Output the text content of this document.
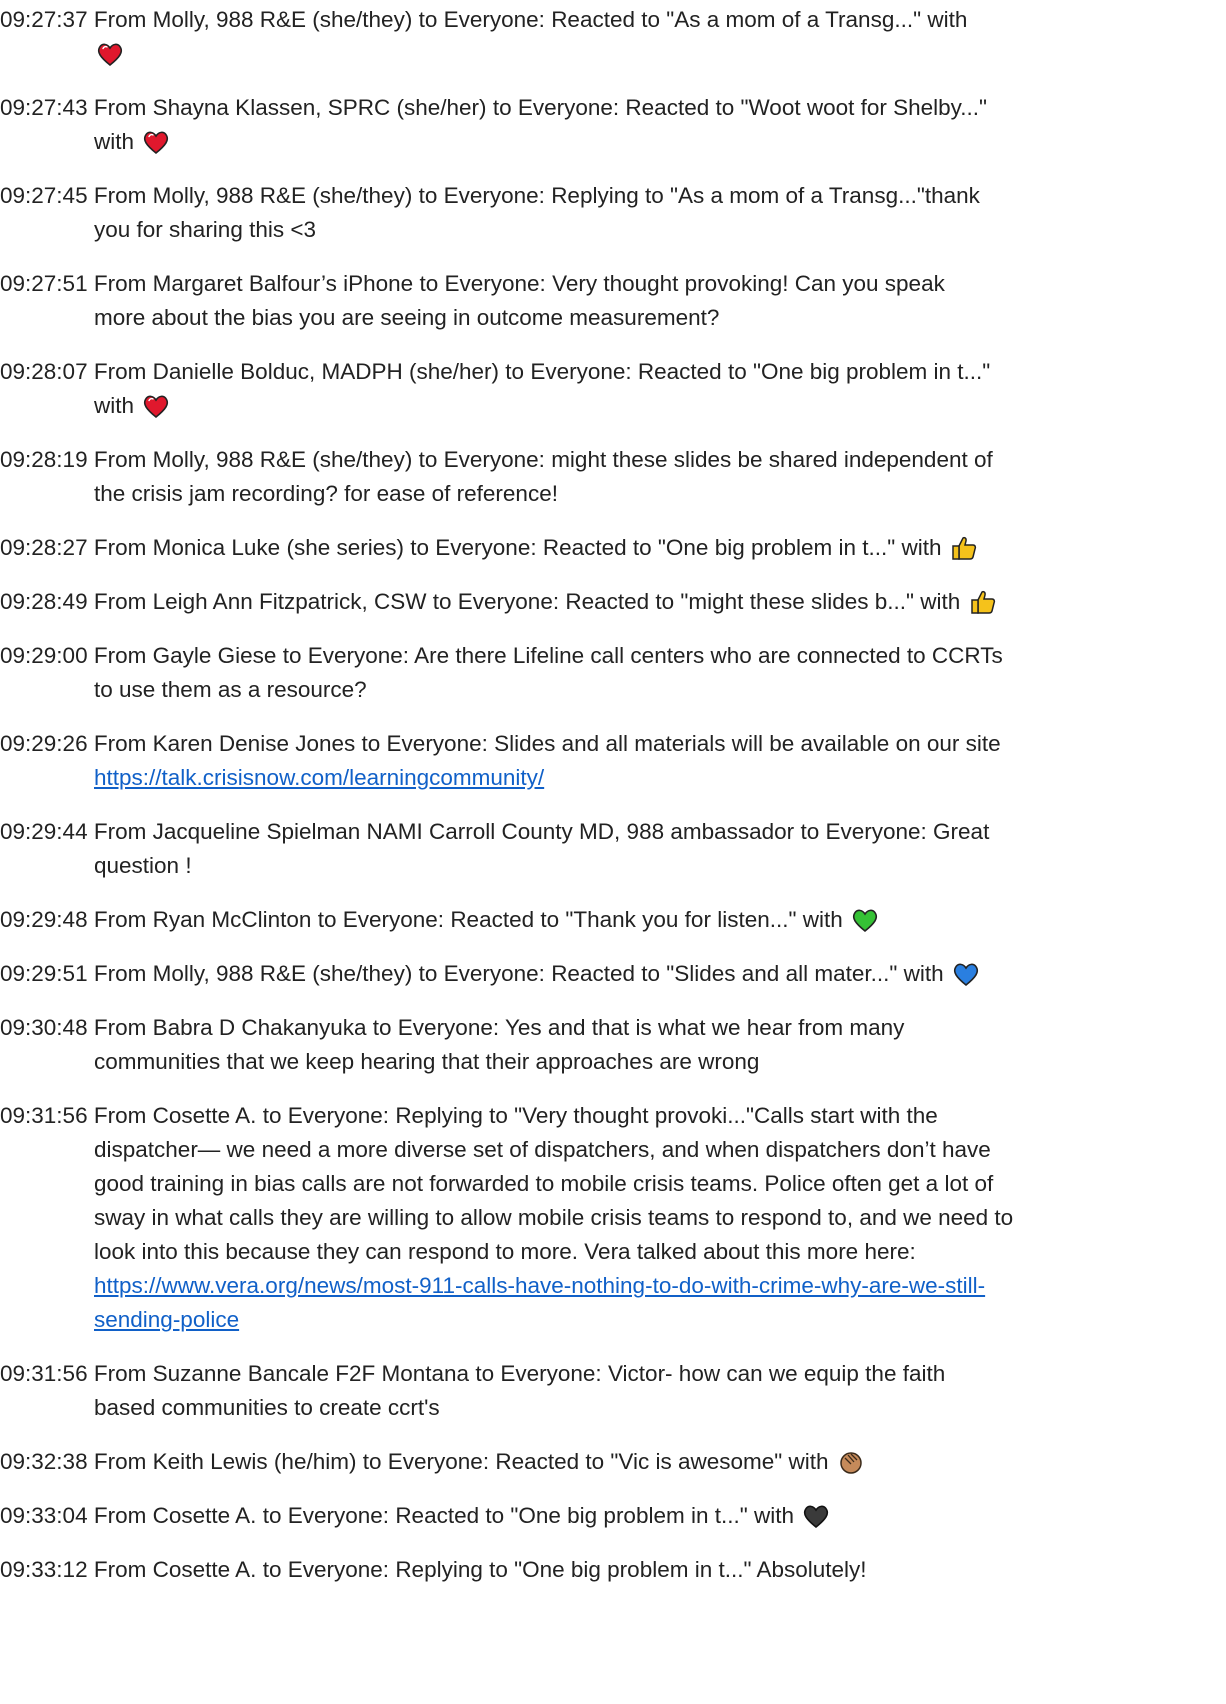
09:27:37 From Molly, 988 R&E (she/they) to Everyone: Reacted to "As a mom of a Transg..." with
09:27:43 From Shayna Klassen, SPRC (she/her) to Everyone: Reacted to "Woot woot for Shelby..."
with
09:27:45 From Molly, 988 R&E (she/they) to Everyone: Replying to "As a mom of a Transg..."thank
you for sharing this <3
09:27:51 From Margaret Balfour’s iPhone to Everyone: Very thought provoking! Can you speak
more about the bias you are seeing in outcome measurement?
09:28:07 From Danielle Bolduc, MADPH (she/her) to Everyone: Reacted to "One big problem in t..."
with
09:28:19 From Molly, 988 R&E (she/they) to Everyone: might these slides be shared independent of
the crisis jam recording? for ease of reference!
09:28:27 From Monica Luke (she series) to Everyone: Reacted to "One big problem in t..." with
09:28:49 From Leigh Ann Fitzpatrick, CSW to Everyone: Reacted to "might these slides b..." with
09:29:00 From Gayle Giese to Everyone: Are there Lifeline call centers who are connected to CCRTs
to use them as a resource?
09:29:26 From Karen Denise Jones to Everyone: Slides and all materials will be available on our site
https://talk.crisisnow.com/learningcommunity/
09:29:44 From Jacqueline Spielman NAMI Carroll County MD, 988 ambassador to Everyone: Great
question !
09:29:48 From Ryan McClinton to Everyone: Reacted to "Thank you for listen..." with
09:29:51 From Molly, 988 R&E (she/they) to Everyone: Reacted to "Slides and all mater..." with
09:30:48 From Babra D Chakanyuka to Everyone: Yes and that is what we hear from many
communities that we keep hearing that their approaches are wrong
09:31:56 From Cosette A. to Everyone: Replying to "Very thought provoki..."Calls start with the
dispatcher— we need a more diverse set of dispatchers, and when dispatchers don’t have
good training in bias calls are not forwarded to mobile crisis teams. Police often get a lot of
sway in what calls they are willing to allow mobile crisis teams to respond to, and we need to
look into this because they can respond to more. Vera talked about this more here:
https://www.vera.org/news/most-911-calls-have-nothing-to-do-with-crime-why-are-we-still-
sending-police
09:31:56 From Suzanne Bancale F2F Montana to Everyone: Victor- how can we equip the faith
based communities to create ccrt's
09:32:38 From Keith Lewis (he/him) to Everyone: Reacted to "Vic is awesome" with
09:33:04 From Cosette A. to Everyone: Reacted to "One big problem in t..." with
09:33:12 From Cosette A. to Everyone: Replying to "One big problem in t..." Absolutely!
